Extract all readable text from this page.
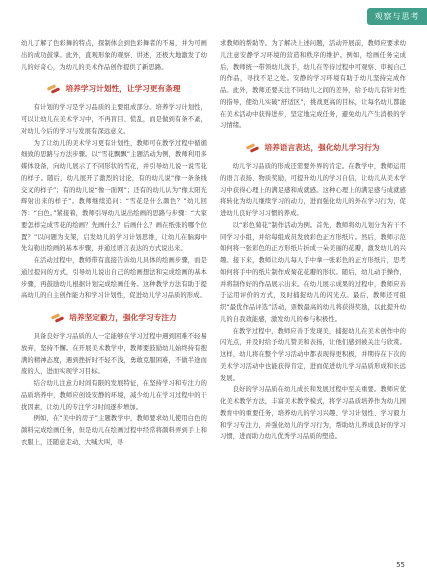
观察与思考

幼儿了解了色彩舞的特点，探制体会到色彩舞者的不易，并为可画出的成功鼓掌。此外，直观形象的观察、讲述，还极大地激发了幼儿的好奇心，为幼儿的美术作品创作提供了新思路。

培养学习计划性，让学习更有条理

有计划的学习是学习品质的主要组成部分。培养学习计划性，可以让幼儿在美术学习中，不再盲目、慌乱，而是做到有条不紊，对幼儿今后的学习与发展有深远意义。

为了让幼儿的美术学习更有计划性，教师可在教学过程中循循细致的思路与方法步骤。以“雪花飘飘”主题活动为例，教师利用多媒体设备，向幼儿展示了不同形状的雪花，并引导幼儿说一说雪花的样子。随后，幼儿展开了激烈的讨论，有的幼儿说“像一条条线交叉的样子”；有的幼儿说“像一面网”；还有的幼儿认为“像太阳光辉射出来的样子”。教师继续追问：“雪花是什么颜色？”幼儿回答：“白色。”紧接着，教师引导幼儿说出绘画的思路与步骤：“大家要怎样完成雪花的绘画？先画什么？后画什么？画在纸张的哪个位置？”以问题为支架，启发幼儿的学习计划思维，让幼儿在脑海中先勾勒出绘画的基本步骤，并通过语言表达的方式说出来。

在活动过程中，教师带有直接告诉幼儿具体的绘画步骤，而是通过提问的方式，引导幼儿说出自己的绘画想法和完成绘画的基本步骤，再鼓励幼儿根据计划完成绘画任务。这种教学方法有助于提高幼儿的自主创作能力和学习计划性，促进幼儿学习品质的形成。

培养坚定毅力，强化学习专注力

具备良好学习品质的人一定能够在学习过程中遇到困难不轻易放弃，坚持不懈。在开展美术教学中，教师要鼓励幼儿始终持有抱满的精神态度，遇到挫折时不轻不浅，勇敢克服困难，不做半途而废的人，进而实现学习目标。

结合幼儿注意力时间有限的发展特征，在坚持学习和专注力的品质培养中，教师应创设安静的环境，减少幼儿在学习过程中的干扰因素，让幼儿的专注学习时间逐步增加。

例如，在“美中的房子”主题教学中，教师要求幼儿使用白色的颜料完成绘画任务，但是幼儿在绘画过程中经常将颜料弄到手上和衣服上，还随意走动、大喊大叫，寻

求教师的帮助等。为了解决上述问题，活动开展前，教师应要求幼儿注意安静学习环境的营造和秩序的维护。例如，绘画任务完成后，教师统一带领幼儿洗手，幼儿在等待过程中可观察、审视自己的作品，寻找不足之处。安静的学习环境有助于幼儿坚持完成作品。此外，教师还要关注不同幼儿之间的差异，给予幼儿有针对性的指导，使幼儿实破“舒适区”，挑战更高的目标，让每名幼儿都能在美术活动中获得进步，坚定地完成任务，避免幼儿产生消极的学习情绪。

培养语言表达，强化幼儿学习行为

幼儿学习品质的形成还需要外界的肯定。在教学中，教师运用的语言表扬、物质奖励，可提升幼儿的学习自信，让幼儿从美术学习中获得心理上的满足感和成就感。这种心理上的满足感与成就感将转化为幼儿继续学习的动力，进而强化幼儿的外在学习行为，促进幼儿良好学习习惯的养成。

以“彩色菊花”制作活动为例。首先，教师将幼儿划分为若干不同学习小组，并给每组成员发放彩色正方形纸片。然后，教师示范如何将一张彩色的正方形纸片折成一朵美丽的花瓣，激发幼儿的兴趣。接下来，教师让幼儿每人手中拿一张彩色的正方形纸片，思考如何将手中的纸片制作成菊花花瓣的形状。随后，幼儿动手操作，并将制作好的作品展示出来。在幼儿展示成果的过程中，教师应善于运用评价的方式，及时捕捉幼儿的闪光点。最后，教师还可组织“最优作品评选”活动，票数最高的幼儿将获得奖励，以此提升幼儿的自我效能感，激发幼儿的参与积极性。

在教学过程中，教师应善于发现美，捕捉幼儿在美术创作中的闪光点，并及时给予幼儿赞美和表扬，让他们感到被关注与欣赏。这样，幼儿将在整个学习活动中都表现得更积极，并期待在下次的美术学习活动中也能获得肯定，进而促进幼儿学习品质形成和长远发展。

良好的学习品质在幼儿成长和发展过程中至关重要。教师应优化美术教学方法，丰富美术教学模式，将学习品质培养作为幼儿园教育中的重要任务，培养幼儿的学习兴趣、学习计划性、学习毅力和学习专注力，并强化幼儿的学习行为，帮助幼儿养成良好的学习习惯，进而助力幼儿优秀学习品质的塑造。

55
